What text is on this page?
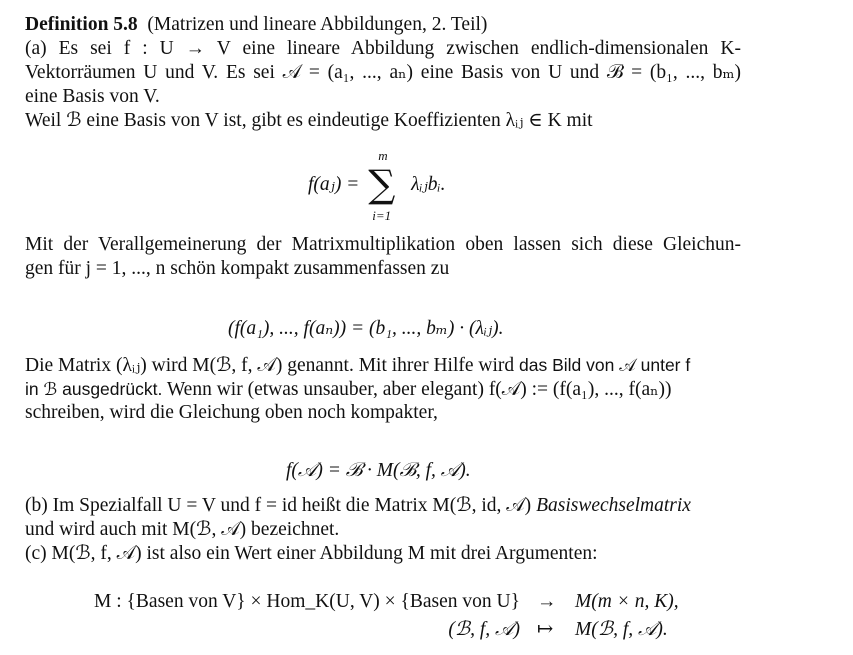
Definition 5.8 (Matrizen und lineare Abbildungen, 2. Teil)
(a) Es sei f : U → V eine lineare Abbildung zwischen endlich-dimensionalen K-
Vektorräumen U und V. Es sei 𝒜 = (a₁, ..., aₙ) eine Basis von U und ℬ = (b₁, ..., bₘ)
eine Basis von V.
Weil ℬ eine Basis von V ist, gibt es eindeutige Koeffizienten λᵢⱼ ∈ K mit
f(aⱼ) =
m
∑
i=1
λᵢⱼbᵢ.
Mit der Verallgemeinerung der Matrixmultiplikation oben lassen sich diese Gleichun-
gen für j = 1, ..., n schön kompakt zusammenfassen zu
(f(a₁), ..., f(aₙ)) = (b₁, ..., bₘ) · (λᵢⱼ).
Die Matrix (λᵢⱼ) wird M(ℬ, f, 𝒜) genannt. Mit ihrer Hilfe wird das Bild von 𝒜 unter f
in ℬ ausgedrückt. Wenn wir (etwas unsauber, aber elegant) f(𝒜) := (f(a₁), ..., f(aₙ))
schreiben, wird die Gleichung oben noch kompakter,
f(𝒜) = ℬ · M(ℬ, f, 𝒜).
(b) Im Spezialfall U = V und f = id heißt die Matrix M(ℬ, id, 𝒜) Basiswechselmatrix
und wird auch mit M(ℬ, 𝒜) bezeichnet.
(c) M(ℬ, f, 𝒜) ist also ein Wert einer Abbildung M mit drei Argumenten:
M : {Basen von V} × Hom_K(U, V) × {Basen von U} → M(m × n, K),
(ℬ, f, 𝒜) ↦ M(ℬ, f, 𝒜).
